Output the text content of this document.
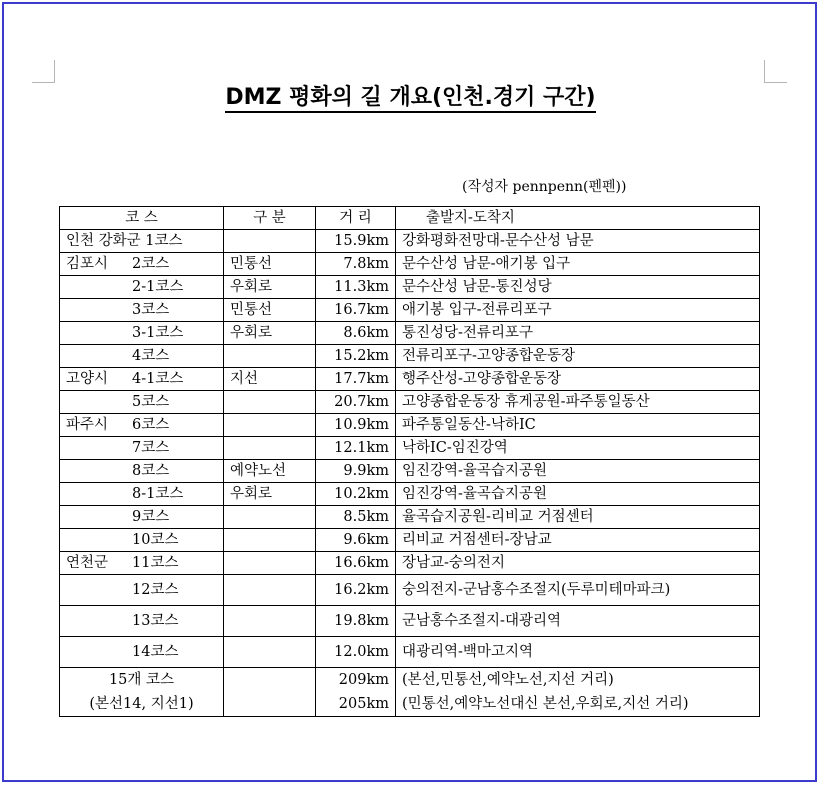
DMZ 평화의 길 개요(인천.경기 구간)
(작성자 pennpenn(펜펜))
코 스	구 분	거 리	출발지-도착지
인천 강화군 1코스		15.9km	강화평화전망대-문수산성 남문
김포시 2코스	민통선	7.8km	문수산성 남문-애기봉 입구
2-1코스	우회로	11.3km	문수산성 남문-통진성당
3코스	민통선	16.7km	애기봉 입구-전류리포구
3-1코스	우회로	8.6km	통진성당-전류리포구
4코스		15.2km	전류리포구-고양종합운동장
고양시 4-1코스	지선	17.7km	행주산성-고양종합운동장
5코스		20.7km	고양종합운동장 휴게공원-파주통일동산
파주시 6코스		10.9km	파주통일동산-낙하IC
7코스		12.1km	낙하IC-임진강역
8코스	예약노선	9.9km	임진강역-율곡습지공원
8-1코스	우회로	10.2km	임진강역-율곡습지공원
9코스		8.5km	율곡습지공원-리비교 거점센터
10코스		9.6km	리비교 거점센터-장남교
연천군 11코스		16.6km	장남교-숭의전지
12코스		16.2km	숭의전지-군남홍수조절지(두루미테마파크)
13코스		19.8km	군남홍수조절지-대광리역
14코스		12.0km	대광리역-백마고지역
15개 코스		209km	(본선,민통선,예약노선,지선 거리)
(본선14, 지선1)		205km	(민통선,예약노선대신 본선,우회로,지선 거리)
